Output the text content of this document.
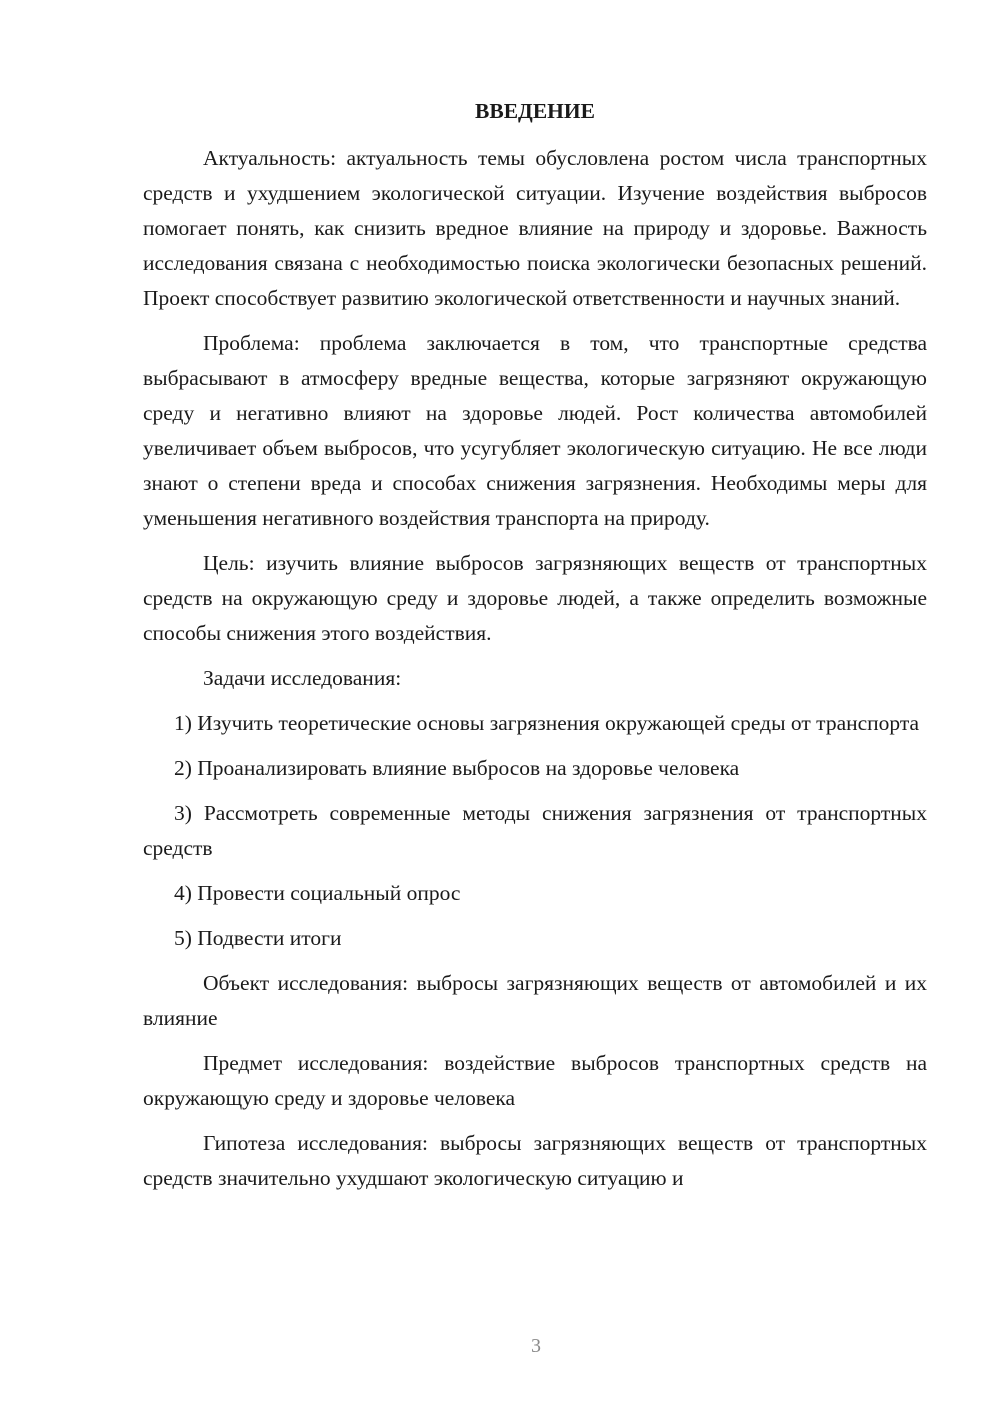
ВВЕДЕНИЕ

Актуальность: актуальность темы обусловлена ростом числа транспортных средств и ухудшением экологической ситуации. Изучение воздействия выбросов помогает понять, как снизить вредное влияние на природу и здоровье. Важность исследования связана с необходимостью поиска экологически безопасных решений. Проект способствует развитию экологической ответственности и научных знаний.

Проблема: проблема заключается в том, что транспортные средства выбрасывают в атмосферу вредные вещества, которые загрязняют окружающую среду и негативно влияют на здоровье людей. Рост количества автомобилей увеличивает объем выбросов, что усугубляет экологическую ситуацию. Не все люди знают о степени вреда и способах снижения загрязнения. Необходимы меры для уменьшения негативного воздействия транспорта на природу.

Цель: изучить влияние выбросов загрязняющих веществ от транспортных средств на окружающую среду и здоровье людей, а также определить возможные способы снижения этого воздействия.

Задачи исследования:

1) Изучить теоретические основы загрязнения окружающей среды от транспорта

2) Проанализировать влияние выбросов на здоровье человека

3) Рассмотреть современные методы снижения загрязнения от транспортных средств

4) Провести социальный опрос

5) Подвести итоги

Объект исследования: выбросы загрязняющих веществ от автомобилей и их влияние

Предмет исследования: воздействие выбросов транспортных средств на окружающую среду и здоровье человека

Гипотеза исследования: выбросы загрязняющих веществ от транспортных средств значительно ухудшают экологическую ситуацию и

3
